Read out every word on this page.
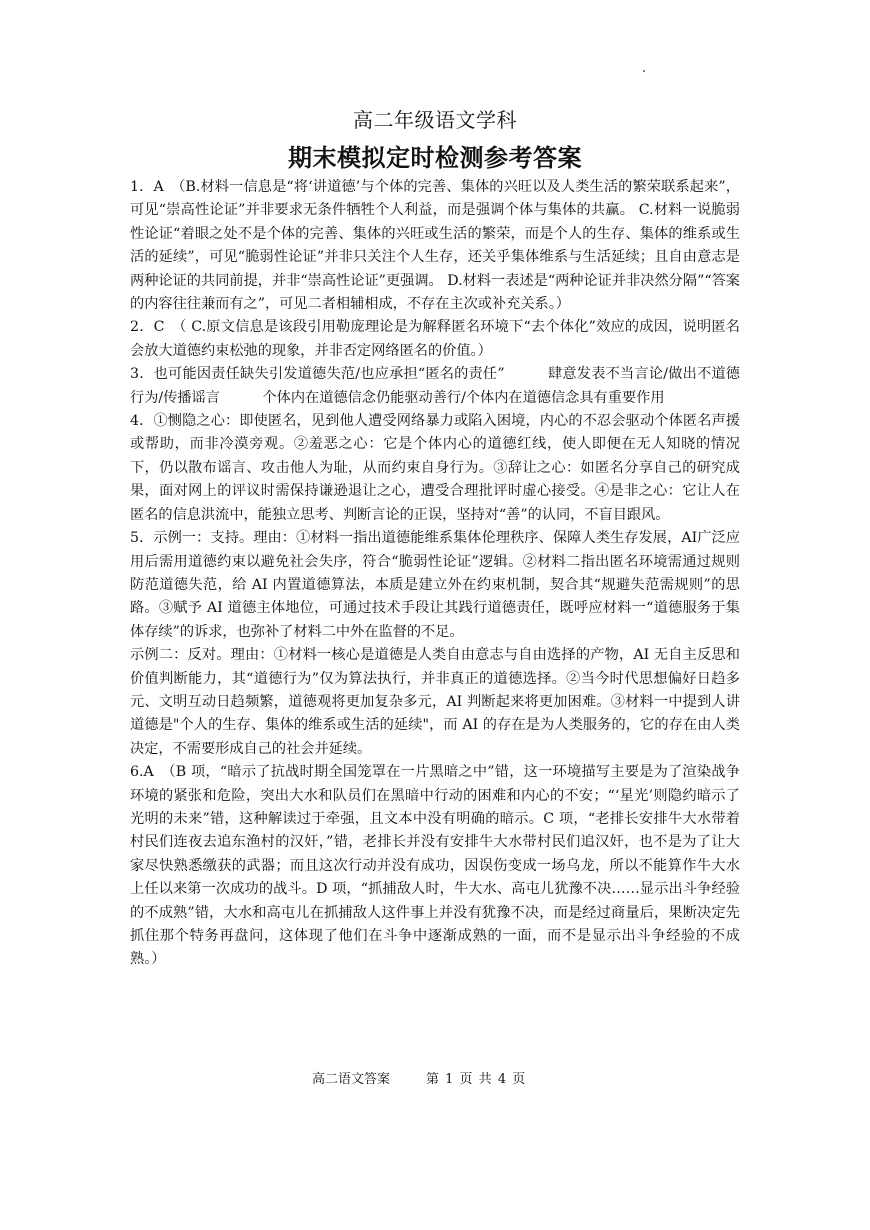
高二年级语文学科
期末模拟定时检测参考答案

1．A　（B.材料一信息是“将‘讲道德’与个体的完善、集体的兴旺以及人类生活的繁荣联系起来”，可见“崇高性论证”并非要求无条件牺牲个人利益，而是强调个体与集体的共赢。 C.材料一说脆弱性论证“着眼之处不是个体的完善、集体的兴旺或生活的繁荣，而是个人的生存、集体的维系或生活的延续”，可见“脆弱性论证”并非只关注个人生存，还关乎集体维系与生活延续；且自由意志是两种论证的共同前提，并非“崇高性论证”更强调。 D.材料一表述是“两种论证并非决然分隔”“答案的内容往往兼而有之”，可见二者相辅相成，不存在主次或补充关系。）

2．C　（ C.原文信息是该段引用勒庞理论是为解释匿名环境下“去个体化”效应的成因，说明匿名会放大道德约束松弛的现象，并非否定网络匿名的价值。）

3．也可能因责任缺失引发道德失范/也应承担“匿名的责任”　　　肆意发表不当言论/做出不道德行为/传播谣言　　　个体内在道德信念仍能驱动善行/个体内在道德信念具有重要作用

4．①恻隐之心：即使匿名，见到他人遭受网络暴力或陷入困境，内心的不忍会驱动个体匿名声援或帮助，而非冷漠旁观。②羞恶之心：它是个体内心的道德红线，使人即便在无人知晓的情况下，仍以散布谣言、攻击他人为耻，从而约束自身行为。③辞让之心：如匿名分享自己的研究成果，面对网上的评议时需保持谦逊退让之心，遭受合理批评时虚心接受。④是非之心：它让人在匿名的信息洪流中，能独立思考、判断言论的正误，坚持对“善”的认同，不盲目跟风。

5．示例一：支持。理由：①材料一指出道德能维系集体伦理秩序、保障人类生存发展，AI广泛应用后需用道德约束以避免社会失序，符合“脆弱性论证”逻辑。②材料二指出匿名环境需通过规则防范道德失范，给 AI 内置道德算法，本质是建立外在约束机制，契合其“规避失范需规则”的思路。③赋予 AI 道德主体地位，可通过技术手段让其践行道德责任，既呼应材料一“道德服务于集体存续”的诉求，也弥补了材料二中外在监督的不足。

示例二：反对。理由：①材料一核心是道德是人类自由意志与自由选择的产物，AI 无自主反思和价值判断能力，其“道德行为”仅为算法执行，并非真正的道德选择。②当今时代思想偏好日趋多元、文明互动日趋频繁，道德观将更加复杂多元，AI 判断起来将更加困难。③材料一中提到人讲道德是"个人的生存、集体的维系或生活的延续"，而 AI 的存在是为人类服务的，它的存在由人类决定，不需要形成自己的社会并延续。

6.A　（B 项，“暗示了抗战时期全国笼罩在一片黑暗之中”错，这一环境描写主要是为了渲染战争环境的紧张和危险，突出大水和队员们在黑暗中行动的困难和内心的不安；“‘星光’则隐约暗示了光明的未来”错，这种解读过于牵强，且文本中没有明确的暗示。C 项，“老排长安排牛大水带着村民们连夜去追东渔村的汉奸，”错，老排长并没有安排牛大水带村民们追汉奸，也不是为了让大家尽快熟悉缴获的武器；而且这次行动并没有成功，因误伤变成一场乌龙，所以不能算作牛大水上任以来第一次成功的战斗。D 项，“抓捕敌人时，牛大水、高屯儿犹豫不决……显示出斗争经验的不成熟”错，大水和高屯儿在抓捕敌人这件事上并没有犹豫不决，而是经过商量后，果断决定先抓住那个特务再盘问，这体现了他们在斗争中逐渐成熟的一面，而不是显示出斗争经验的不成熟。）

高二语文答案	第 1 页 共 4 页
